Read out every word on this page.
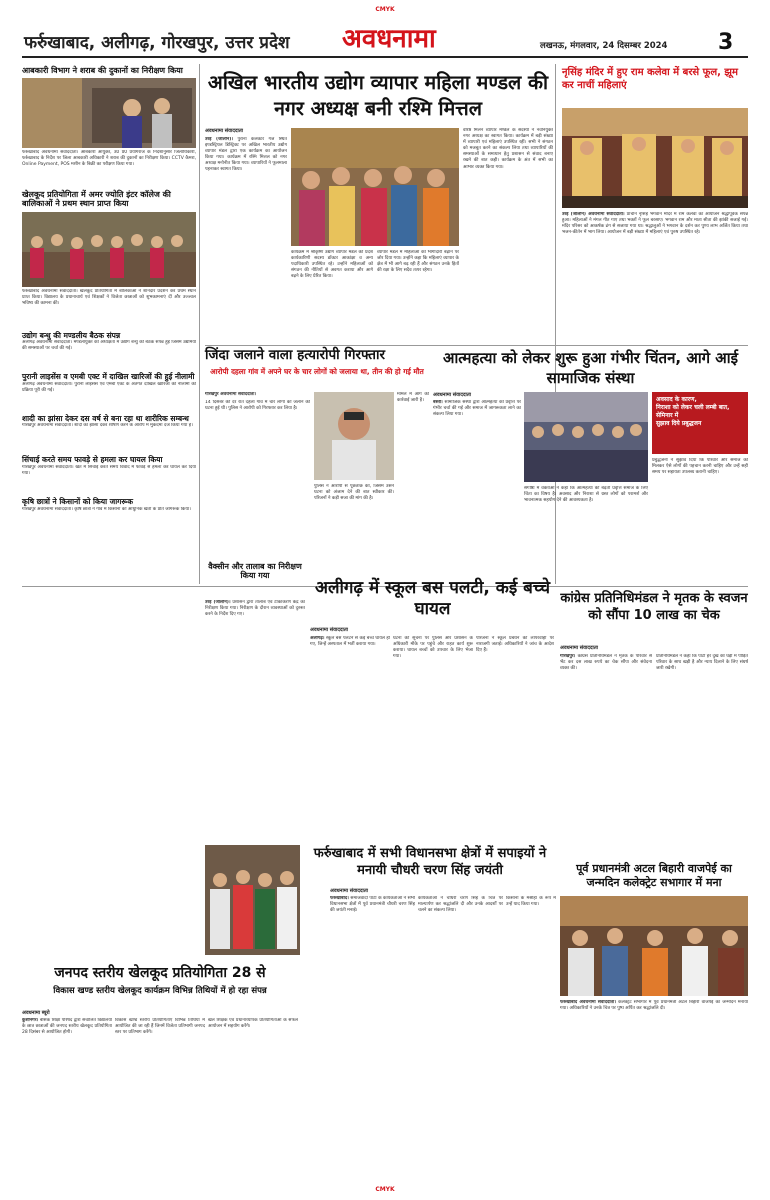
CMYK
फर्रुखाबाद, अलीगढ़, गोरखपुर, उत्तर प्रदेश अवधनामा	लखनऊ, मंगलवार, 24 दिसम्बर 2024 3
आबकारी विभाग ने शराब की दुकानों का निरीक्षण किया
फर्रुखाबाद अवधनामा संवाददाता। आबकारी आयुक्त, उ0 प्र0 प्रयागराज के निर्देशानुसार जिलाधिकारी, फर्रुखाबाद के निर्देश पर जिला आबकारी अधिकारी ने शराब की दुकानों का निरीक्षण किया। CCTV कैमरा, Online Payment, POS मशीन के बिक्री का परीक्षण किया गया।
खेलकूद प्रतियोगिता में अमर ज्योति इंटर कॉलेज की बालिकाओं ने प्रथम स्थान प्राप्त किया
फर्रुखाबाद अवधनामा संवाददाता। खेलकूद प्रतियोगिता में बालिकाओं ने शानदार प्रदर्शन कर प्रथम स्थान प्राप्त किया। विद्यालय के प्रधानाचार्य एवं शिक्षकों ने विजेता छात्राओं को शुभकामनाएं दीं और उज्ज्वल भविष्य की कामना की।
उद्योग बन्धु की मण्डलीय बैठक संपन्न
अलीगढ़ अवधनामा संवाददाता। मण्डलायुक्त की अध्यक्षता में उद्योग बन्धु की बैठक संपन्न हुई जिसमें उद्यमियों की समस्याओं पर चर्चा की गई।
पुरानी लाइसेंस व एमबी एक्ट में दाखिल खारिजों की हुई नीलामी
अलीगढ़ अवधनामा संवाददाता। पुरानी लाइसेंस एवं एमबी एक्ट के अंतर्गत दाखिल खारिजों की नीलामी की प्रक्रिया पूरी की गई।
शादी का झांसा देकर दस वर्ष से बना रहा था शारीरिक सम्बन्ध
गोरखपुर अवधनामा संवाददाता। शादी का झांसा देकर शोषण करने के आरोप में मुकदमा दर्ज किया गया है।
सिंचाई करते समय फावड़े से हमला कर घायल किया
गोरखपुर अवधनामा संवाददाता। खेत में सिंचाई करते समय विवाद में फावड़े से हमला कर घायल कर दिया गया।
कृषि छात्रों ने किसानों को किया जागरूक
गोरखपुर अवधनामा संवाददाता। कृषि छात्रों ने गांव में किसानों को आधुनिक खेती के प्रति जागरूक किया।
अखिल भारतीय उद्योग व्यापार महिला मण्डल की नगर अध्यक्ष बनी रश्मि मित्तल
अवधनामा संवाददाता
उरई (जालौन)। पुराना कलक्टर गंज स्थित इण्डस्ट्रियल डिस्ट्रिक्ट पर अखिल भारतीय उद्योग व्यापार मंडल द्वारा एक कार्यक्रम का आयोजन किया गया। कार्यक्रम में रश्मि मित्तल को नगर अध्यक्ष मनोनीत किया गया। व्यापारियों ने फूलमाला पहनाकर स्वागत किया।
कार्यक्रम में श्रीकृष्ण उद्योग व्यापार मंडल की प्रदेश कार्यकारिणी सदस्य डॉक्टर आकांक्षा व अन्य पदाधिकारी उपस्थित रहे। उन्होंने महिलाओं को संगठन की नीतियों से अवगत कराया और आगे बढ़ने के लिए प्रेरित किया।
व्यापार मंडल में महिलाओं की भागीदारी बढ़ाने पर जोर दिया गया। उन्होंने कहा कि महिलाएं व्यापार के क्षेत्र में भी आगे बढ़ रही हैं और संगठन उनके हितों की रक्षा के लिए सदैव तत्पर रहेगा।
वरिष्ठ मिलन व्यापार मण्डल के सदस्यों ने नवनियुक्त नगर अध्यक्ष का स्वागत किया। कार्यक्रम में बड़ी संख्या में व्यापारी एवं महिलाएं उपस्थित रहीं। सभी ने संगठन को मजबूत करने का संकल्प लिया तथा व्यापारियों की समस्याओं के समाधान हेतु प्रशासन से संवाद बनाए रखने की बात कही। कार्यक्रम के अंत में सभी का आभार व्यक्त किया गया।
नृसिंह मंदिर में हुए राम कलेवा में बरसे फूल, झूम कर नाचीं महिलाएं
उरई (जालौन) अवधनामा संवाददाता। प्राचीन नृसिंह भगवान मंदिर में राम कलेवा का आयोजन श्रद्धापूर्वक संपन्न हुआ। महिलाओं ने मंगल गीत गाए तथा भक्तों ने फूल बरसाए। भगवान राम और माता सीता की झांकी सजाई गई। मंदिर परिसर को आकर्षक ढंग से सजाया गया था। श्रद्धालुओं ने भगवान के दर्शन कर पुण्य लाभ अर्जित किया तथा भजन-कीर्तन में भाग लिया। आयोजन में बड़ी संख्या में महिलाएं एवं पुरुष उपस्थित रहे।
जिंदा जलाने वाला हत्यारोपी गिरफ्तार
आरोपी दहला गांव में अपने घर के चार लोगों को जलाया था, तीन की हो गई मौत
गोरखपुर अवधनामा संवाददाता।
14 दिसंबर की देर रात दहला गांव में चार लोगों को जलाने की घटना हुई थी। पुलिस ने आरोपी को गिरफ्तार कर लिया है।
पुलिस ने आरोपी से पूछताछ की, जिसमें उसने घटना को अंजाम देने की बात स्वीकार की। परिजनों ने कड़ी सजा की मांग की है।
मामले में आगे की कार्रवाई जारी है।
आत्महत्या को लेकर शुरू हुआ गंभीर चिंतन, आगे आई सामाजिक संस्था
अवधनामा संवाददाता
बस्ती। सामाजिक संस्था द्वारा आत्महत्या की प्रवृत्ति पर गंभीर चर्चा की गई और समाज में जागरूकता लाने का संकल्प लिया गया।
अवसाद के कारण,
निराशा को लेकर चली लम्बी बात,
सेमिनार में
सुझाव दिये प्रबुद्धजन
संगोष्ठी में वक्ताओं ने कहा कि आत्महत्या की बढ़ती प्रवृत्ति समाज के लिए चिंता का विषय है। अवसाद और निराशा से ग्रस्त लोगों को परामर्श और भावनात्मक सहयोग देने की आवश्यकता है।
प्रबुद्धजनों ने सुझाव दिया कि परिवार और समाज को मिलकर ऐसे लोगों की पहचान करनी चाहिए और उन्हें सही समय पर सहायता उपलब्ध करानी चाहिए।
वैक्सीन और तालाब का निरीक्षण किया गया
अलीगढ़ में स्कूल बस पलटी, कई बच्चे घायल
अवधनामा संवाददाता
अलीगढ़। स्कूल बस पलटने से कई बच्चे घायल हो गए, जिन्हें अस्पताल में भर्ती कराया गया।
घटना की सूचना पर पुलिस और प्रशासन के अधिकारी मौके पर पहुंचे और राहत कार्य शुरू कराया। घायल बच्चों को उपचार के लिए भेजा गया।
परिजनों ने स्कूल प्रबंधन की लापरवाही पर नाराजगी जताई। अधिकारियों ने जांच के आदेश दिए हैं।
उरई (जालौन)। प्रशासन द्वारा तालाब एवं टीकाकरण केंद्र का निरीक्षण किया गया। निरीक्षण के दौरान व्यवस्थाओं को दुरुस्त करने के निर्देश दिए गए।
कांग्रेस प्रतिनिधिमंडल ने मृतक के स्वजन को सौंपा 10 लाख का चेक
अवधनामा संवाददाता
गोरखपुर। कांग्रेस प्रतिनिधिमंडल ने मृतक के परिवार से भेंट कर दस लाख रुपये का चेक सौंपा और संवेदना व्यक्त की।
प्रतिनिधिमंडल ने कहा कि पार्टी हर दुख की घड़ी में पीड़ित परिवार के साथ खड़ी है और न्याय दिलाने के लिए संघर्ष जारी रखेगी।
फर्रुखाबाद में सभी विधानसभा क्षेत्रों में सपाइयों ने मनायी चौधरी चरण सिंह जयंती
अवधनामा संवाददाता
फर्रुखाबाद। समाजवादी पार्टी के कार्यकर्ताओं ने सभी विधानसभा क्षेत्रों में पूर्व प्रधानमंत्री चौधरी चरण सिंह की जयंती मनाई।
कार्यकर्ताओं ने चौधरी चरण सिंह के चित्र पर माल्यार्पण कर श्रद्धांजलि दी और उनके आदर्शों पर चलने का संकल्प लिया।
किसानों के मसीहा के रूप में उन्हें याद किया गया।
पूर्व प्रधानमंत्री अटल बिहारी वाजपेई का जन्मदिन कलेक्ट्रेट सभागार में मना
फर्रुखाबाद अवधनामा संवाददाता। कलेक्ट्रेट सभागार में पूर्व प्रधानमंत्री अटल बिहारी वाजपेई का जन्मदिन मनाया गया। अधिकारियों ने उनके चित्र पर पुष्प अर्पित कर श्रद्धांजलि दी।
जनपद स्तरीय खेलकूद प्रतियोगिता 28 से
विकास खण्ड स्तरीय खेलकूद कार्यक्रम विभिन्न तिथियों में हो रहा संपन्न
अवधनामा ब्यूरो
कुशीनगर। बेसिक शिक्षा परिषद द्वारा संचालित विद्यालयों के छात्र छात्राओं की जनपद स्तरीय खेलकूद प्रतियोगिता 28 दिसंबर से आयोजित होगी।
विकास खण्ड स्तरीय प्रतियोगिताएं विभिन्न तिथियों में आयोजित की जा रही हैं जिनमें विजेता प्रतिभागी जनपद स्तर पर प्रतिभाग करेंगे।
खेल शिक्षक एवं प्रधानाध्यापक प्रतियोगिताओं के सफल आयोजन में सहयोग करेंगे।
CMYK
